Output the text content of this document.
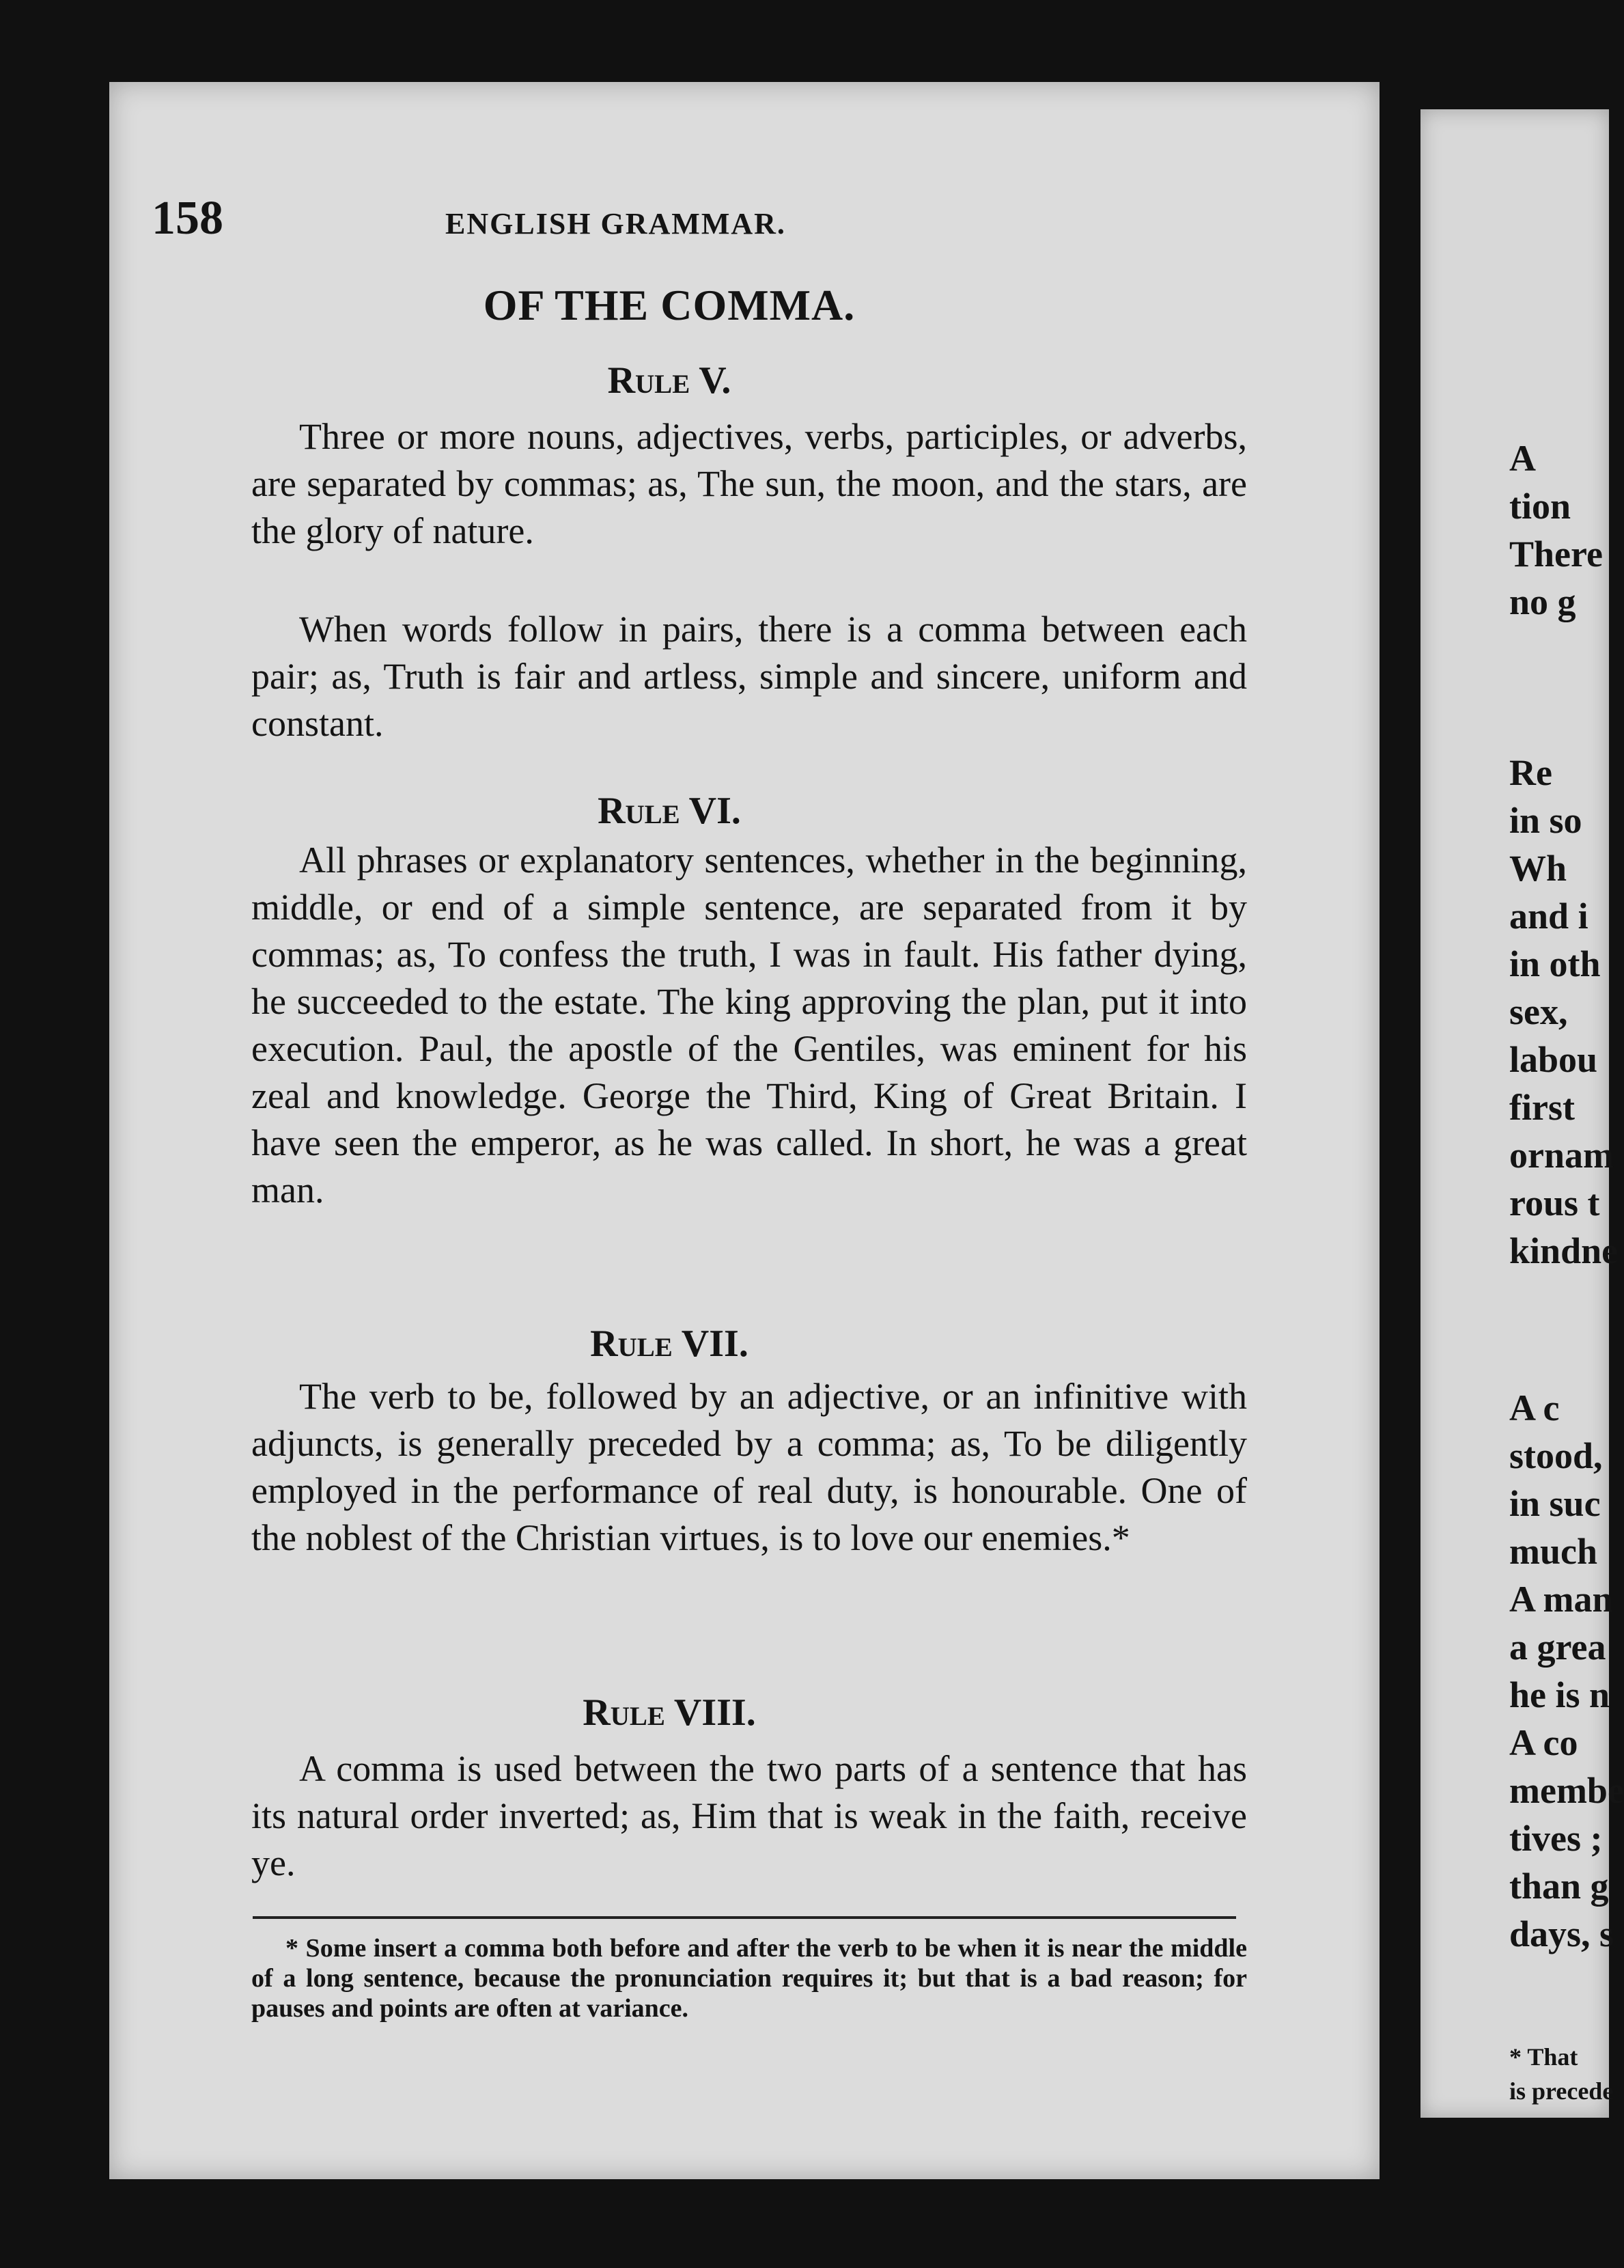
158	ENGLISH GRAMMAR.
OF THE COMMA.
Rule V.

Three or more nouns, adjectives, verbs, participles, or adverbs, are separated by commas; as, The sun, the moon, and the stars, are the glory of nature.

When words follow in pairs, there is a comma between each pair; as, Truth is fair and artless, simple and sincere, uniform and constant.

Rule VI.

All phrases or explanatory sentences, whether in the beginning, middle, or end of a simple sentence, are separated from it by commas; as, To confess the truth, I was in fault. His father dying, he succeeded to the estate. The king approving the plan, put it into execution. Paul, the apostle of the Gentiles, was eminent for his zeal and knowledge. George the Third, King of Great Britain. I have seen the emperor, as he was called. In short, he was a great man.

Rule VII.

The verb to be, followed by an adjective, or an infinitive with adjuncts, is generally preceded by a comma; as, To be diligently employed in the performance of real duty, is honourable. One of the noblest of the Christian virtues, is to love our enemies.*

Rule VIII.

A comma is used between the two parts of a sentence that has its natural order inverted; as, Him that is weak in the faith, receive ye.

* Some insert a comma both before and after the verb to be when it is near the middle of a long sentence, because the pronunciation requires it; but that is a bad reason; for pauses and points are often at variance.

A
tion
There
no g
Re
in so
Wh
and i
in oth
sex,
labou
first
ornam
rous t
kindne
A c
stood,
in suc
much
A man
a grea
he is n
A co
membe
tives ;
than g
days, s
* That
is precede
